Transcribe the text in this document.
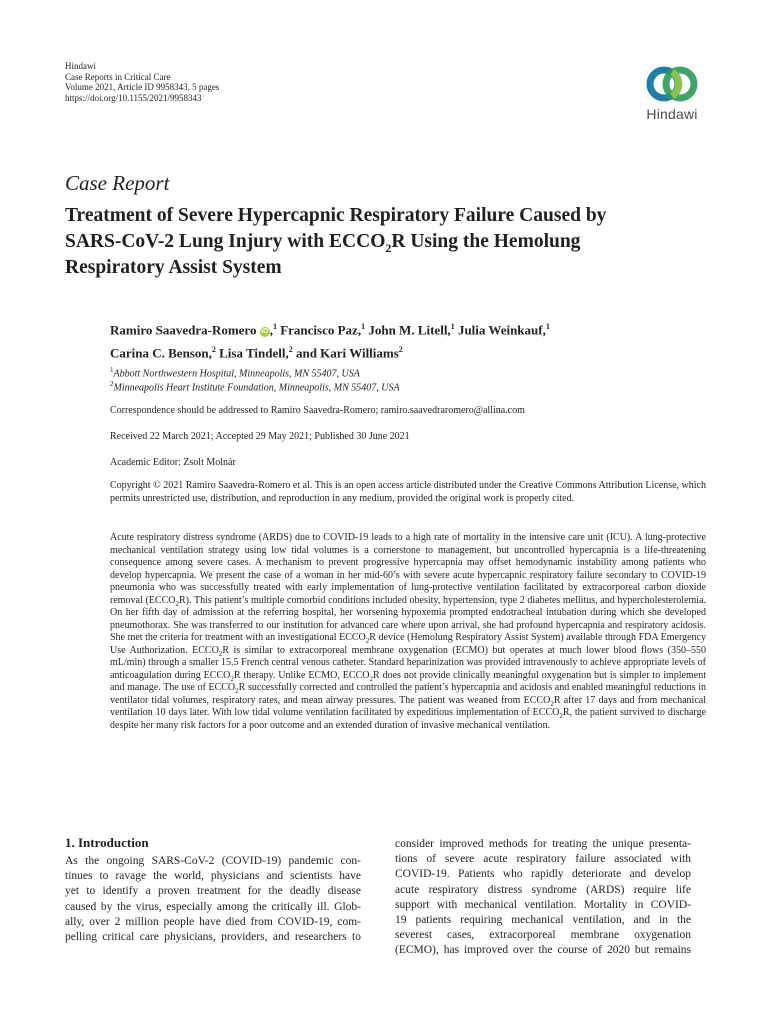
Hindawi
Case Reports in Critical Care
Volume 2021, Article ID 9958343, 5 pages
https://doi.org/10.1155/2021/9958343
Hindawi
Case Report
Treatment of Severe Hypercapnic Respiratory Failure Caused by
SARS-CoV-2 Lung Injury with $ECCO_2R$ Using the Hemolung
Respiratory Assist System
Ramiro Saavedra-Romero iD ,$^1$ Francisco Paz,$^1$ John M. Litell,$^1$ Julia Weinkauf,$^1$
Carina C. Benson,$^2$ Lisa Tindell,$^2$ and Kari Williams$^2$
$^1$Abbott Northwestern Hospital, Minneapolis, MN 55407, USA
$^2$Minneapolis Heart Institute Foundation, Minneapolis, MN 55407, USA
Correspondence should be addressed to Ramiro Saavedra-Romero; ramiro.saavedraromero@allina.com
Received 22 March 2021; Accepted 29 May 2021; Published 30 June 2021
Academic Editor: Zsolt Molnár
Copyright © 2021 Ramiro Saavedra-Romero et al. This is an open access article distributed under the Creative Commons Attribution License, which permits unrestricted use, distribution, and reproduction in any medium, provided the original work is properly cited.
Acute respiratory distress syndrome (ARDS) due to COVID-19 leads to a high rate of mortality in the intensive care unit (ICU). A lung-protective mechanical ventilation strategy using low tidal volumes is a cornerstone to management, but uncontrolled hypercapnia is a life-threatening consequence among severe cases. A mechanism to prevent progressive hypercapnia may offset hemodynamic instability among patients who develop hypercapnia. We present the case of a woman in her mid-60’s with severe acute hypercapnic respiratory failure secondary to COVID-19 pneumonia who was successfully treated with early implementation of lung-protective ventilation facilitated by extracorporeal carbon dioxide removal $(ECCO_2R)$. This patient’s multiple comorbid conditions included obesity, hypertension, type 2 diabetes mellitus, and hypercholesterolemia. On her fifth day of admission at the referring hospital, her worsening hypoxemia prompted endotracheal intubation during which she developed pneumothorax. She was transferred to our institution for advanced care where upon arrival, she had profound hypercapnia and respiratory acidosis. She met the criteria for treatment with an investigational $ECCO_2R$ device (Hemolung Respiratory Assist System) available through FDA Emergency Use Authorization. $ECCO_2R$ is similar to extracorporeal membrane oxygenation (ECMO) but operates at much lower blood flows (350–550 mL/min) through a smaller 15.5 French central venous catheter. Standard heparinization was provided intravenously to achieve appropriate levels of anticoagulation during $ECCO_2R$ therapy. Unlike ECMO, $ECCO_2R$ does not provide clinically meaningful oxygenation but is simpler to implement and manage. The use of $ECCO_2R$ successfully corrected and controlled the patient’s hypercapnia and acidosis and enabled meaningful reductions in ventilator tidal volumes, respiratory rates, and mean airway pressures. The patient was weaned from $ECCO_2R$ after 17 days and from mechanical ventilation 10 days later. With low tidal volume ventilation facilitated by expeditious implementation of $ECCO_2R$, the patient survived to discharge despite her many risk factors for a poor outcome and an extended duration of invasive mechanical ventilation.
1. Introduction
As the ongoing SARS-CoV-2 (COVID-19) pandemic con-
tinues to ravage the world, physicians and scientists have
yet to identify a proven treatment for the deadly disease
caused by the virus, especially among the critically ill. Glob-
ally, over 2 million people have died from COVID-19, com-
pelling critical care physicians, providers, and researchers to
consider improved methods for treating the unique presenta-
tions of severe acute respiratory failure associated with
COVID-19. Patients who rapidly deteriorate and develop
acute respiratory distress syndrome (ARDS) require life
support with mechanical ventilation. Mortality in COVID-
19 patients requiring mechanical ventilation, and in the
severest cases, extracorporeal membrane oxygenation
(ECMO), has improved over the course of 2020 but remains
